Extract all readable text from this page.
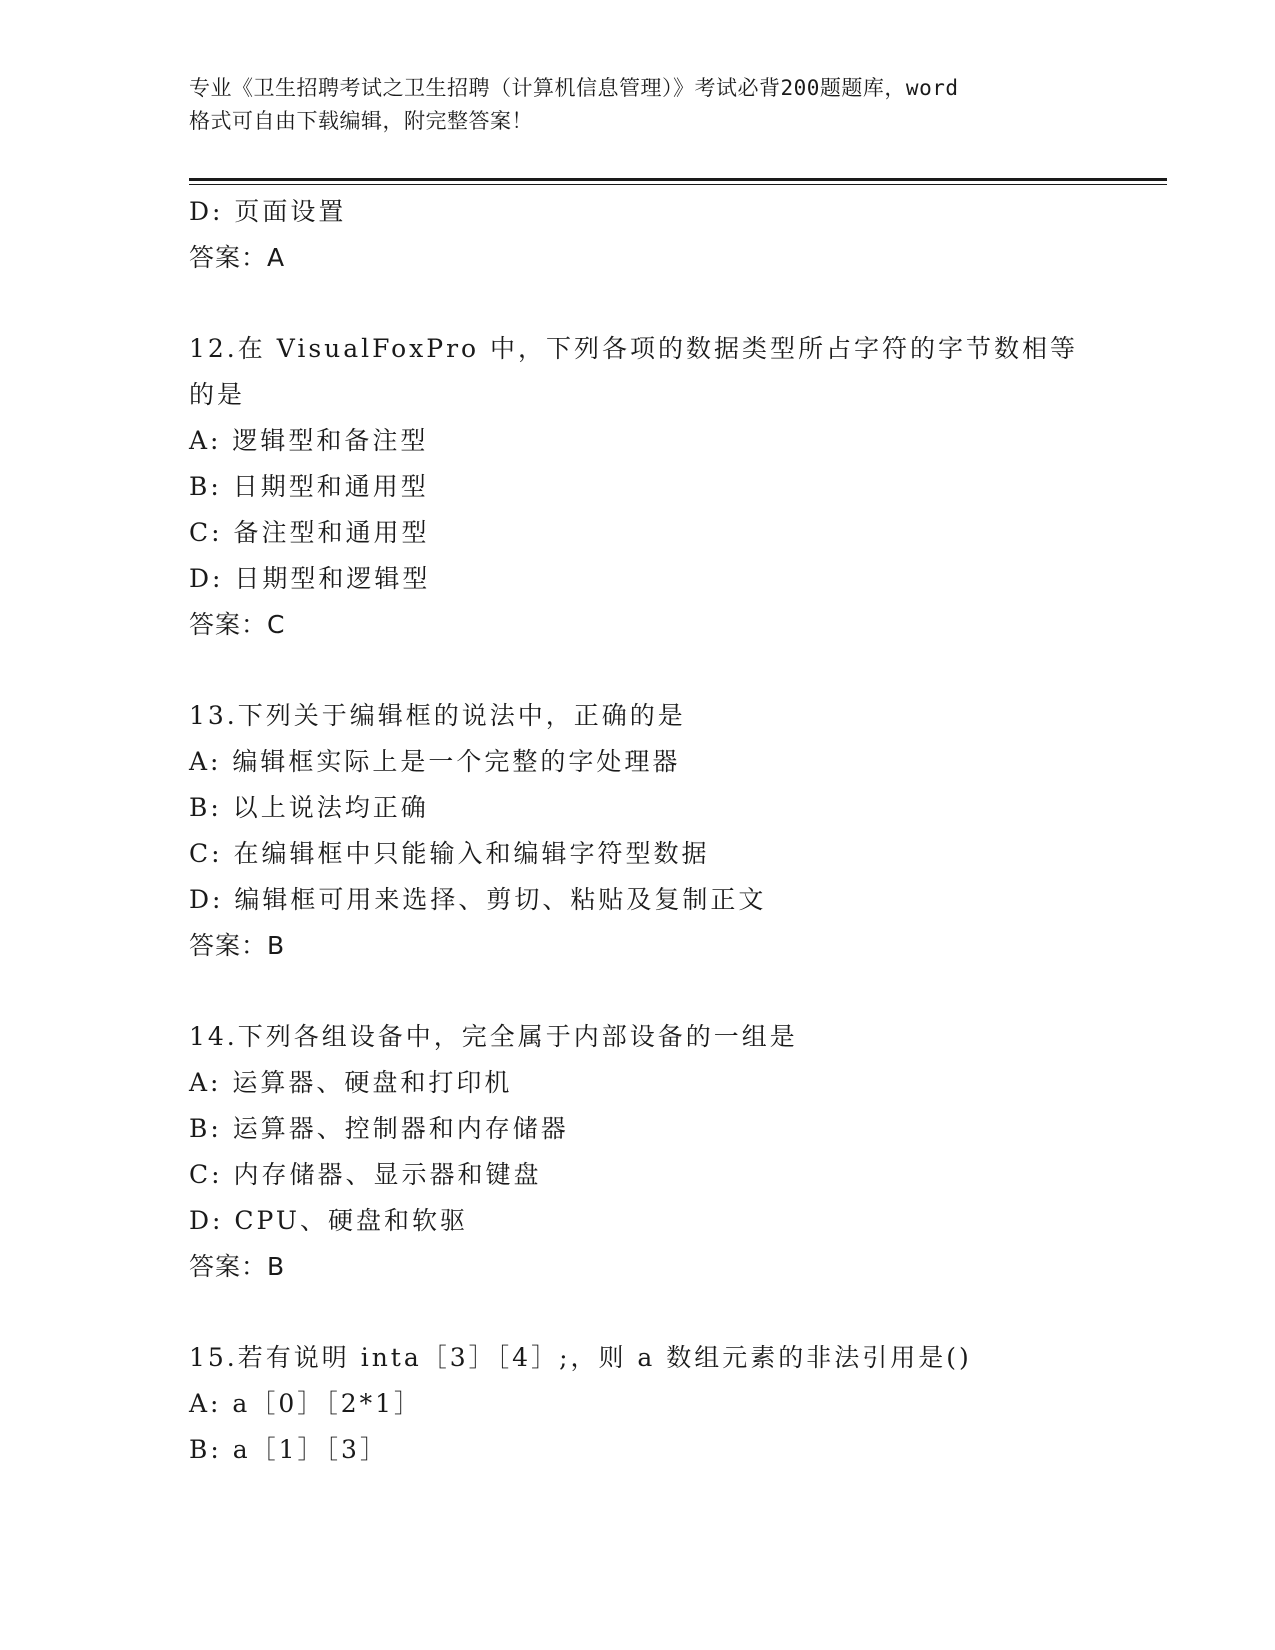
专业《卫生招聘考试之卫生招聘（计算机信息管理）》考试必背200题题库，word
格式可自由下载编辑，附完整答案！
D: 页面设置
答案：A
12.在 VisualFoxPro 中，下列各项的数据类型所占字符的字节数相等
的是
A: 逻辑型和备注型
B: 日期型和通用型
C: 备注型和通用型
D: 日期型和逻辑型
答案：C
13.下列关于编辑框的说法中，正确的是
A: 编辑框实际上是一个完整的字处理器
B: 以上说法均正确
C: 在编辑框中只能输入和编辑字符型数据
D: 编辑框可用来选择、剪切、粘贴及复制正文
答案：B
14.下列各组设备中，完全属于内部设备的一组是
A: 运算器、硬盘和打印机
B: 运算器、控制器和内存储器
C: 内存储器、显示器和键盘
D: CPU、硬盘和软驱
答案：B
15.若有说明 inta［3］［4］;，则 a 数组元素的非法引用是()
A: a［0］［2*1］
B: a［1］［3］
